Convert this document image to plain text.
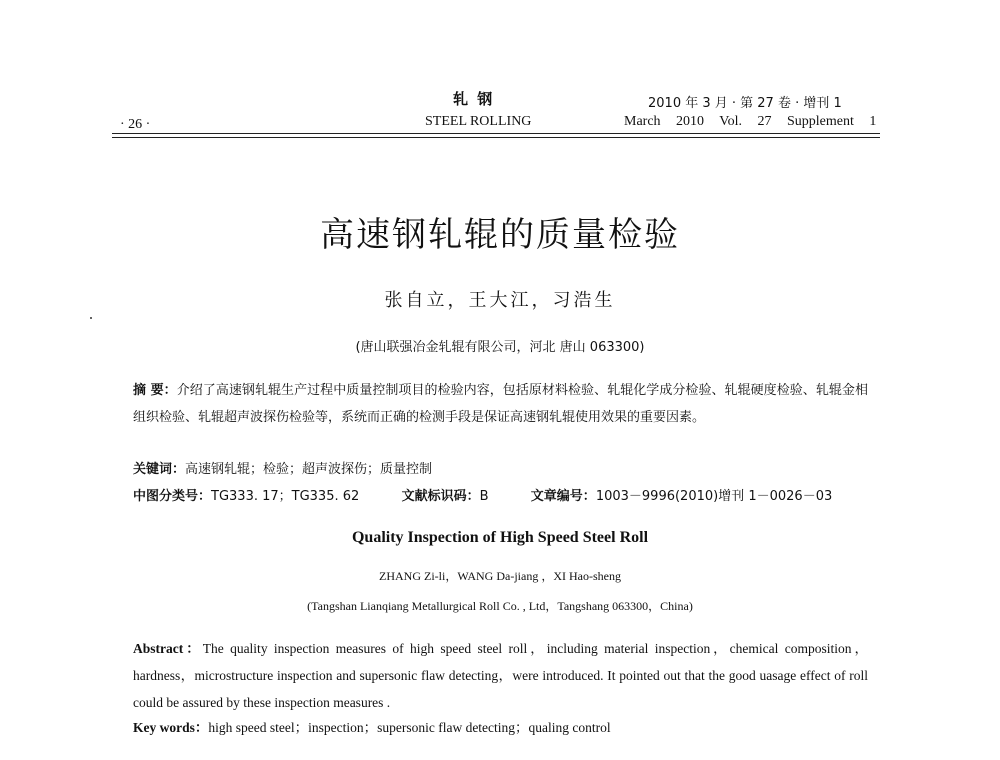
轧 钢	2010 年 3 月 · 第 27 卷 · 增刊 1
· 26 ·	STEEL ROLLING	March 2010 Vol. 27 Supplement 1
高速钢轧辊的质量检验
张自立，王大江，习浩生
(唐山联强冶金轧辊有限公司，河北 唐山 063300)
摘 要：介绍了高速钢轧辊生产过程中质量控制项目的检验内容，包括原材料检验、轧辊化学成分检验、轧辊硬度检验、轧辊金相组织检验、轧辊超声波探伤检验等，系统而正确的检测手段是保证高速钢轧辊使用效果的重要因素。
关键词：高速钢轧辊；检验；超声波探伤；质量控制
中图分类号：TG333. 17；TG335. 62	文献标识码：B	文章编号：1003－9996(2010)增刊 1－0026－03
Quality Inspection of High Speed Steel Roll
ZHANG Zi-li，WANG Da-jiang ，XI Hao-sheng
(Tangshan Lianqiang Metallurgical Roll Co. , Ltd，Tangshang 063300，China)
Abstract：The quality inspection measures of high speed steel roll，including material inspection，chemical composition，hardness，microstructure inspection and supersonic flaw detecting，were introduced. It pointed out that the good uasage effect of roll could be assured by these inspection measures .
Key words：high speed steel；inspection；supersonic flaw detecting；qualing control
